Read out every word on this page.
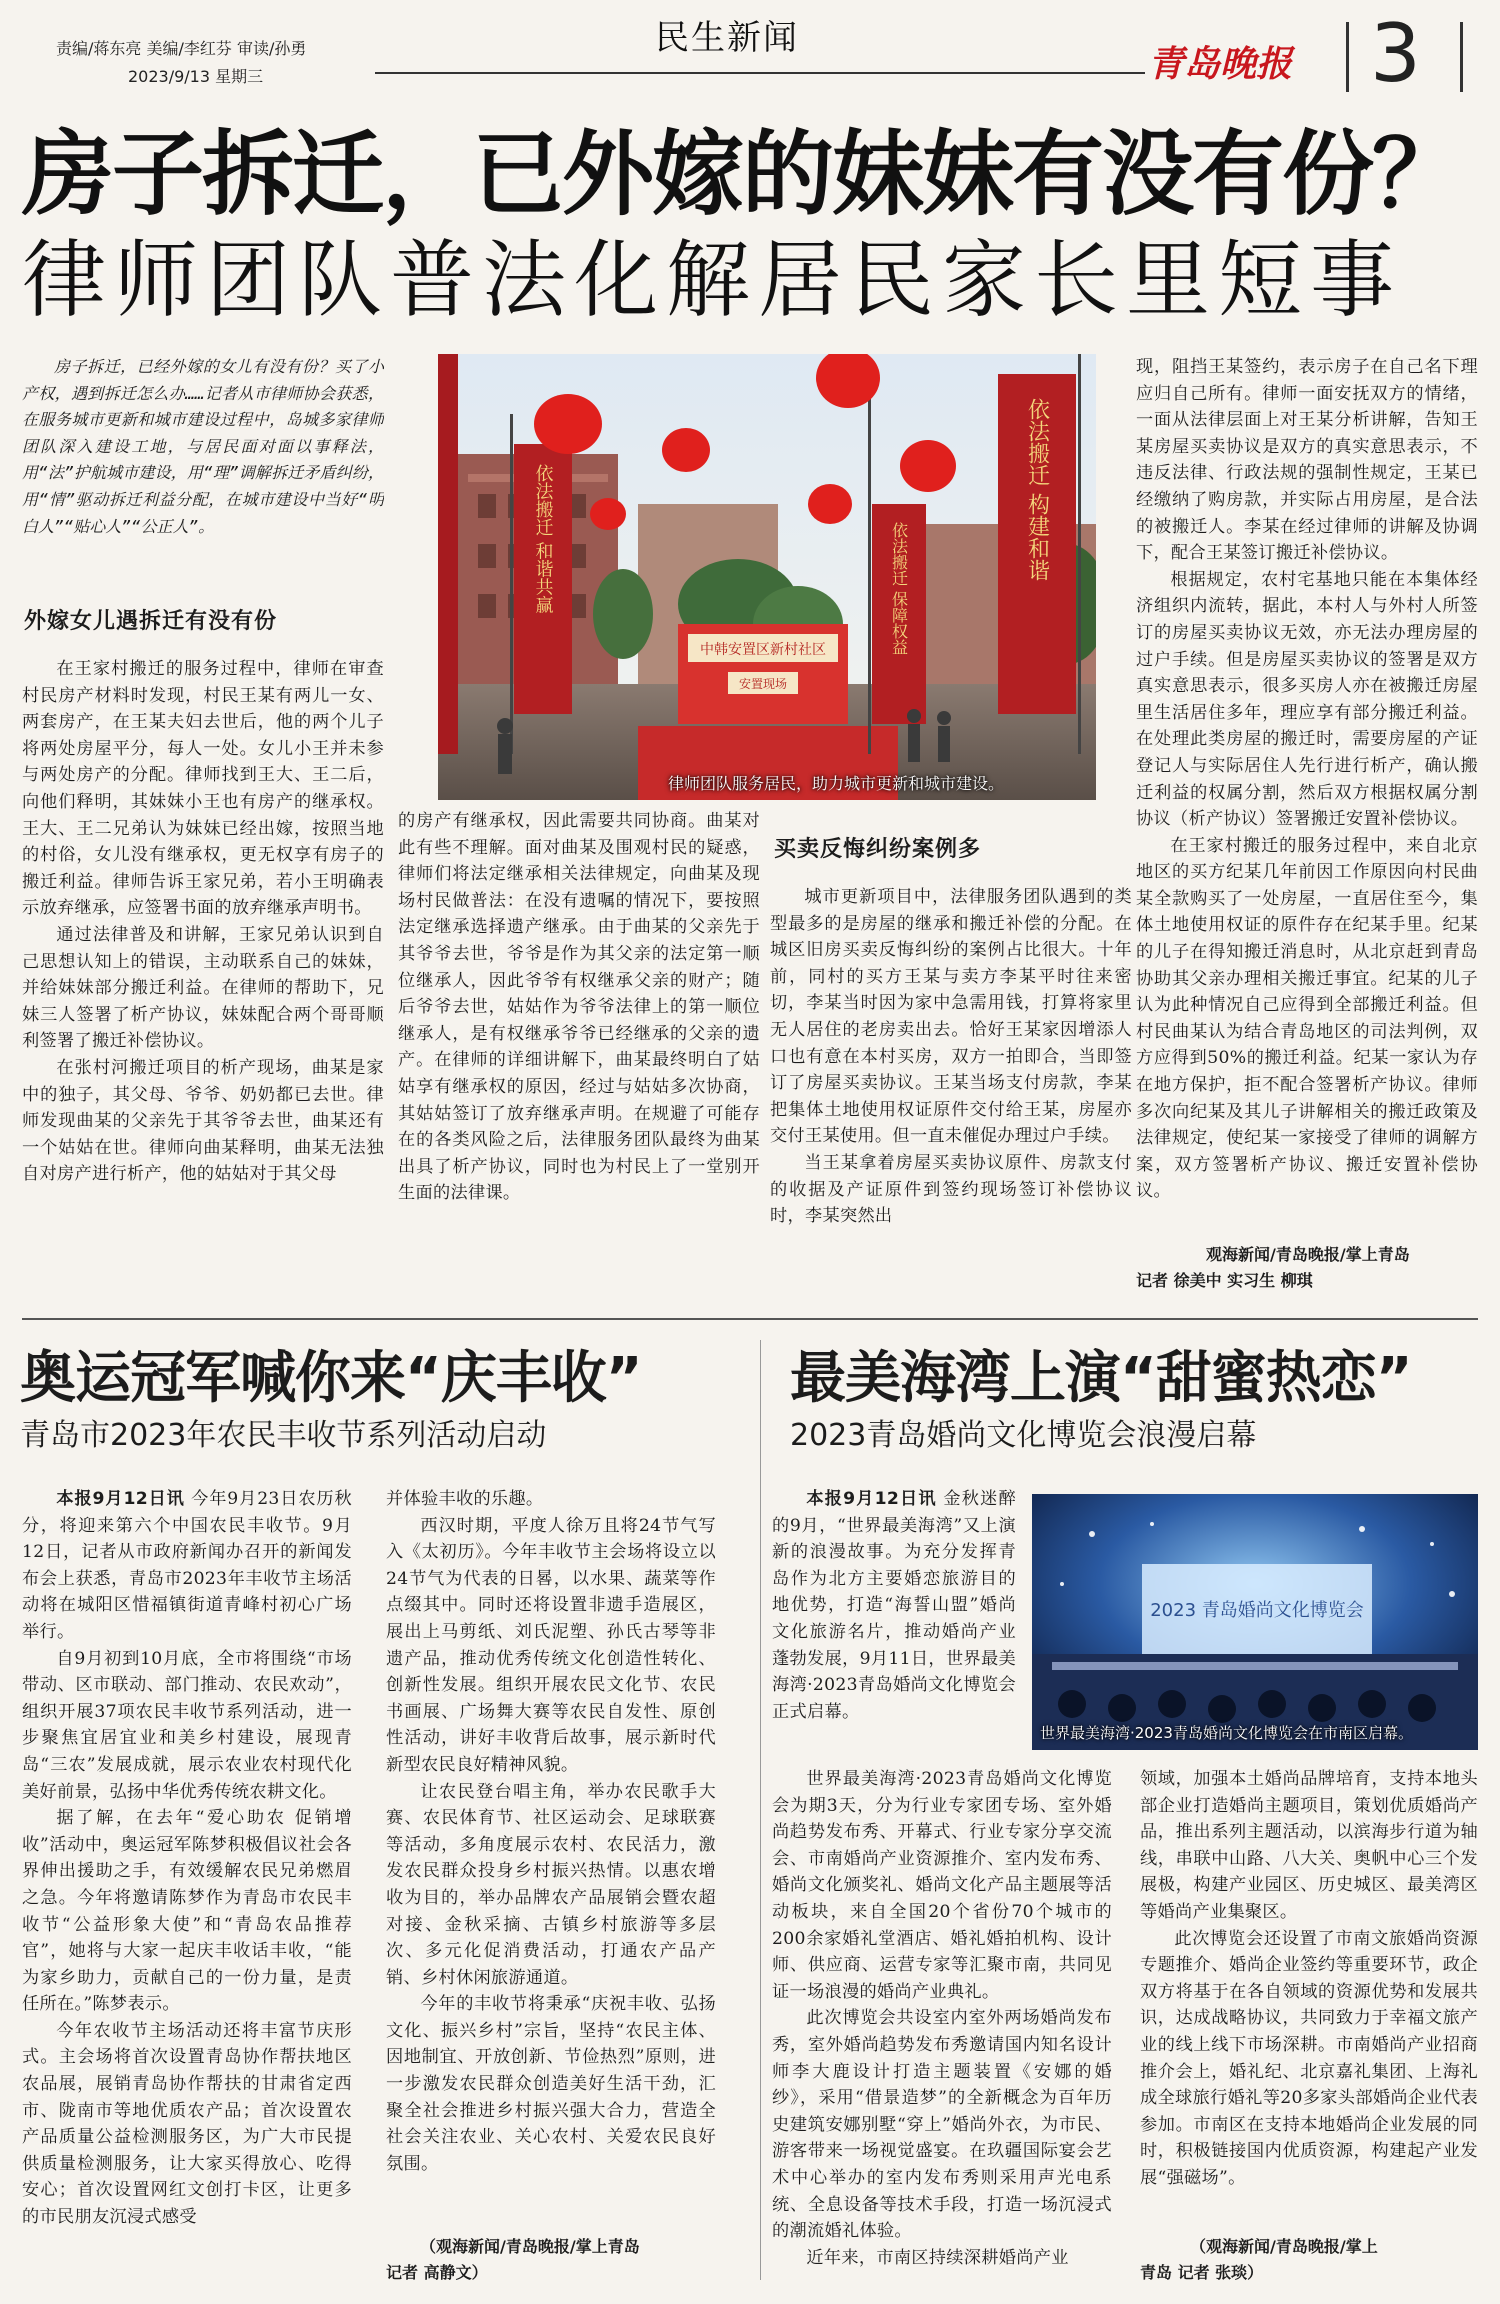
责编/蒋东亮 美编/李红芬 审读/孙勇
2023/9/13 星期三
民生新闻
青岛晚报 3
房子拆迁，已外嫁的妹妹有没有份？
律师团队普法化解居民家长里短事

房子拆迁，已经外嫁的女儿有没有份？买了小产权，遇到拆迁怎么办……记者从市律师协会获悉，在服务城市更新和城市建设过程中，岛城多家律师团队深入建设工地，与居民面对面以事释法，用“法”护航城市建设，用“理”调解拆迁矛盾纠纷，用“情”驱动拆迁利益分配，在城市建设中当好“明白人”“贴心人”“公正人”。

外嫁女儿遇拆迁有没有份

在王家村搬迁的服务过程中，律师在审查村民房产材料时发现，村民王某有两儿一女、两套房产，在王某夫妇去世后，他的两个儿子将两处房屋平分，每人一处。女儿小王并未参与两处房产的分配。律师找到王大、王二后，向他们释明，其妹妹小王也有房产的继承权。王大、王二兄弟认为妹妹已经出嫁，按照当地的村俗，女儿没有继承权，更无权享有房子的搬迁利益。律师告诉王家兄弟，若小王明确表示放弃继承，应签署书面的放弃继承声明书。

通过法律普及和讲解，王家兄弟认识到自己思想认知上的错误，主动联系自己的妹妹，并给妹妹部分搬迁利益。在律师的帮助下，兄妹三人签署了析产协议，妹妹配合两个哥哥顺利签署了搬迁补偿协议。

在张村河搬迁项目的析产现场，曲某是家中的独子，其父母、爷爷、奶奶都已去世。律师发现曲某的父亲先于其爷爷去世，曲某还有一个姑姑在世。律师向曲某释明，曲某无法独自对房产进行析产，他的姑姑对于其父母

中韩安置区新村社区
安置现场
依法搬迁 和谐共赢	依法搬迁 保障权益
依法搬迁 构建和谐
律师团队服务居民，助力城市更新和城市建设。

的房产有继承权，因此需要共同协商。曲某对此有些不理解。面对曲某及围观村民的疑惑，律师们将法定继承相关法律规定，向曲某及现场村民做普法：在没有遗嘱的情况下，要按照法定继承选择遗产继承。由于曲某的父亲先于其爷爷去世，爷爷是作为其父亲的法定第一顺位继承人，因此爷爷有权继承父亲的财产；随后爷爷去世，姑姑作为爷爷法律上的第一顺位继承人，是有权继承爷爷已经继承的父亲的遗产。在律师的详细讲解下，曲某最终明白了姑姑享有继承权的原因，经过与姑姑多次协商，其姑姑签订了放弃继承声明。在规避了可能存在的各类风险之后，法律服务团队最终为曲某出具了析产协议，同时也为村民上了一堂别开生面的法律课。

买卖反悔纠纷案例多

城市更新项目中，法律服务团队遇到的类型最多的是房屋的继承和搬迁补偿的分配。在城区旧房买卖反悔纠纷的案例占比很大。十年前，同村的买方王某与卖方李某平时往来密切，李某当时因为家中急需用钱，打算将家里无人居住的老房卖出去。恰好王某家因增添人口也有意在本村买房，双方一拍即合，当即签订了房屋买卖协议。王某当场支付房款，李某把集体土地使用权证原件交付给王某，房屋亦交付王某使用。但一直未催促办理过户手续。

当王某拿着房屋买卖协议原件、房款支付的收据及产证原件到签约现场签订补偿协议时，李某突然出

现，阻挡王某签约，表示房子在自己名下理应归自己所有。律师一面安抚双方的情绪，一面从法律层面上对王某分析讲解，告知王某房屋买卖协议是双方的真实意思表示，不违反法律、行政法规的强制性规定，王某已经缴纳了购房款，并实际占用房屋，是合法的被搬迁人。李某在经过律师的讲解及协调下，配合王某签订搬迁补偿协议。

根据规定，农村宅基地只能在本集体经济组织内流转，据此，本村人与外村人所签订的房屋买卖协议无效，亦无法办理房屋的过户手续。但是房屋买卖协议的签署是双方真实意思表示，很多买房人亦在被搬迁房屋里生活居住多年，理应享有部分搬迁利益。在处理此类房屋的搬迁时，需要房屋的产证登记人与实际居住人先行进行析产，确认搬迁利益的权属分割，然后双方根据权属分割协议（析产协议）签署搬迁安置补偿协议。

在王家村搬迁的服务过程中，来自北京地区的买方纪某几年前因工作原因向村民曲某全款购买了一处房屋，一直居住至今，集体土地使用权证的原件存在纪某手里。纪某的儿子在得知搬迁消息时，从北京赶到青岛协助其父亲办理相关搬迁事宜。纪某的儿子认为此种情况自己应得到全部搬迁利益。但村民曲某认为结合青岛地区的司法判例，双方应得到50%的搬迁利益。纪某一家认为存在地方保护，拒不配合签署析产协议。律师多次向纪某及其儿子讲解相关的搬迁政策及法律规定，使纪某一家接受了律师的调解方案，双方签署析产协议、搬迁安置补偿协议。

观海新闻/青岛晚报/掌上青岛
记者 徐美中 实习生 柳琪
奥运冠军喊你来“庆丰收”
青岛市2023年农民丰收节系列活动启动

本报9月12日讯 今年9月23日农历秋分，将迎来第六个中国农民丰收节。9月12日，记者从市政府新闻办召开的新闻发布会上获悉，青岛市2023年丰收节主场活动将在城阳区惜福镇街道青峰村初心广场举行。

自9月初到10月底，全市将围绕“市场带动、区市联动、部门推动、农民欢动”，组织开展37项农民丰收节系列活动，进一步聚焦宜居宜业和美乡村建设，展现青岛“三农”发展成就，展示农业农村现代化美好前景，弘扬中华优秀传统农耕文化。

据了解，在去年“爱心助农 促销增收”活动中，奥运冠军陈梦积极倡议社会各界伸出援助之手，有效缓解农民兄弟燃眉之急。今年将邀请陈梦作为青岛市农民丰收节“公益形象大使”和“青岛农品推荐官”，她将与大家一起庆丰收话丰收，“能为家乡助力，贡献自己的一份力量，是责任所在。”陈梦表示。

今年农收节主场活动还将丰富节庆形式。主会场将首次设置青岛协作帮扶地区农品展，展销青岛协作帮扶的甘肃省定西市、陇南市等地优质农产品；首次设置农产品质量公益检测服务区，为广大市民提供质量检测服务，让大家买得放心、吃得安心；首次设置网红文创打卡区，让更多的市民朋友沉浸式感受

并体验丰收的乐趣。

西汉时期，平度人徐万且将24节气写入《太初历》。今年丰收节主会场将设立以24节气为代表的日晷，以水果、蔬菜等作点缀其中。同时还将设置非遗手造展区，展出上马剪纸、刘氏泥塑、孙氏古琴等非遗产品，推动优秀传统文化创造性转化、创新性发展。组织开展农民文化节、农民书画展、广场舞大赛等农民自发性、原创性活动，讲好丰收背后故事，展示新时代新型农民良好精神风貌。

让农民登台唱主角，举办农民歌手大赛、农民体育节、社区运动会、足球联赛等活动，多角度展示农村、农民活力，激发农民群众投身乡村振兴热情。以惠农增收为目的，举办品牌农产品展销会暨农超对接、金秋采摘、古镇乡村旅游等多层次、多元化促消费活动，打通农产品产销、乡村休闲旅游通道。

今年的丰收节将秉承“庆祝丰收、弘扬文化、振兴乡村”宗旨，坚持“农民主体、因地制宜、开放创新、节俭热烈”原则，进一步激发农民群众创造美好生活干劲，汇聚全社会推进乡村振兴强大合力，营造全社会关注农业、关心农村、关爱农民良好氛围。

（观海新闻/青岛晚报/掌上青岛
记者 高静文）
最美海湾上演“甜蜜热恋”
2023青岛婚尚文化博览会浪漫启幕

本报9月12日讯 金秋迷醉的9月，“世界最美海湾”又上演新的浪漫故事。为充分发挥青岛作为北方主要婚恋旅游目的地优势，打造“海誓山盟”婚尚文化旅游名片，推动婚尚产业蓬勃发展，9月11日，世界最美海湾·2023青岛婚尚文化博览会正式启幕。

2023 青岛婚尚文化博览会
世界最美海湾·2023青岛婚尚文化博览会在市南区启幕。

世界最美海湾·2023青岛婚尚文化博览会为期3天，分为行业专家团专场、室外婚尚趋势发布秀、开幕式、行业专家分享交流会、市南婚尚产业资源推介、室内发布秀、婚尚文化颁奖礼、婚尚文化产品主题展等活动板块，来自全国20个省份70个城市的200余家婚礼堂酒店、婚礼婚拍机构、设计师、供应商、运营专家等汇聚市南，共同见证一场浪漫的婚尚产业典礼。

此次博览会共设室内室外两场婚尚发布秀，室外婚尚趋势发布秀邀请国内知名设计师李大鹿设计打造主题装置《安娜的婚纱》，采用“借景造梦”的全新概念为百年历史建筑安娜别墅“穿上”婚尚外衣，为市民、游客带来一场视觉盛宴。在玖疆国际宴会艺术中心举办的室内发布秀则采用声光电系统、全息设备等技术手段，打造一场沉浸式的潮流婚礼体验。

近年来，市南区持续深耕婚尚产业

领域，加强本土婚尚品牌培育，支持本地头部企业打造婚尚主题项目，策划优质婚尚产品，推出系列主题活动，以滨海步行道为轴线，串联中山路、八大关、奥帆中心三个发展极，构建产业园区、历史城区、最美湾区等婚尚产业集聚区。

此次博览会还设置了市南文旅婚尚资源专题推介、婚尚企业签约等重要环节，政企双方将基于在各自领域的资源优势和发展共识，达成战略协议，共同致力于幸福文旅产业的线上线下市场深耕。市南婚尚产业招商推介会上，婚礼纪、北京嘉礼集团、上海礼成全球旅行婚礼等20多家头部婚尚企业代表参加。市南区在支持本地婚尚企业发展的同时，积极链接国内优质资源，构建起产业发展“强磁场”。

（观海新闻/青岛晚报/掌上
青岛 记者 张琰）
